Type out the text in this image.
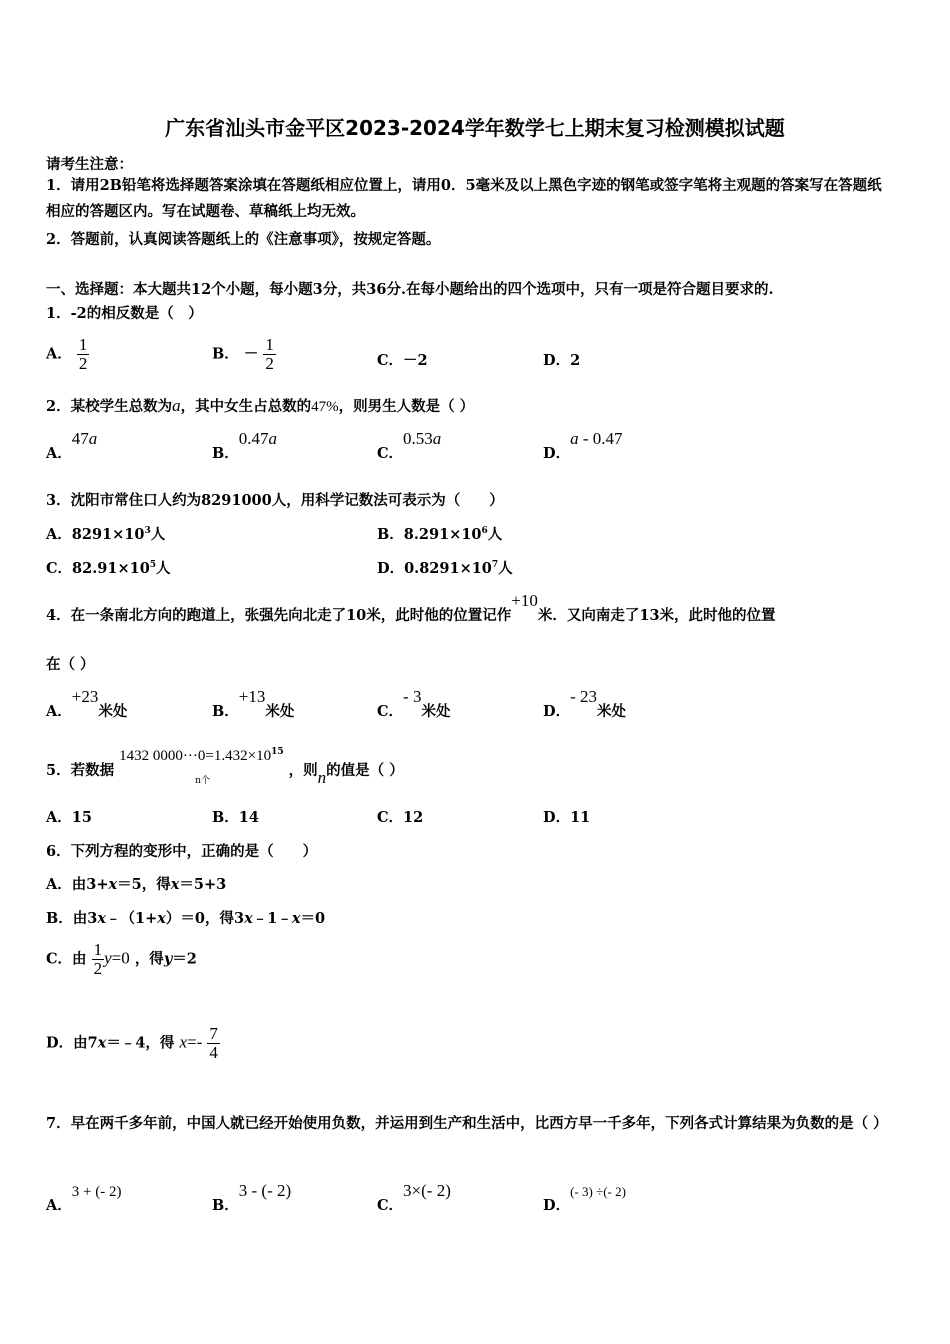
广东省汕头市金平区2023-2024学年数学七上期末复习检测模拟试题
请考生注意：
1．请用2B铅笔将选择题答案涂填在答题纸相应位置上，请用0．5毫米及以上黑色字迹的钢笔或签字笔将主观题的答案写在答题纸相应的答题区内。写在试题卷、草稿纸上均无效。
2．答题前，认真阅读答题纸上的《注意事项》，按规定答题。
一、选择题：本大题共12个小题，每小题3分，共36分.在每小题给出的四个选项中，只有一项是符合题目要求的.
1．-2的相反数是（　）
A． $\frac{1}{2}$	B． － $\frac{1}{2}$	C．－2	D．2
2．某校学生总数为a，其中女生占总数的47%，则男生人数是（ ）
A．47a
B．0.47a
C．0.53a
D．a - 0.47
3．沈阳市常住口人约为8291000人，用科学记数法可表示为（　　）
A．$8291\times 10^3$人	B．$8.291\times 10^6$人
C．$82.91\times 10^5$人	D．$0.8291\times 10^7$人
4．在一条南北方向的跑道上，张强先向北走了10米，此时他的位置记作+10米．又向南走了13米，此时他的位置
在（ ）
A．+23米处	B．+13米处	C．- 3米处	D．- 23米处
5．若数据 1432 $0000\cdot\cdot\cdot 0=1.432\times 10^{15}$
n个
，则n的值是（ ）
A．15	B．14	C．12	D．11
6．下列方程的变形中，正确的是（　　）
A．由3+x＝5，得x＝5+3
B．由3x﹣（1+x）＝0，得3x﹣1﹣x＝0
C．由 $\frac{1}{2} y=0$ ，得y＝2
D．由7x＝﹣4，得 $x=- \frac{7}{4}$
7．早在两千多年前，中国人就已经开始使用负数，并运用到生产和生活中，比西方早一千多年，下列各式计算结果为负数的是（ ）
A．3 + (- 2)
B．3 - (- 2)
C．3×(- 2)
D．(- 3) ÷(- 2)
